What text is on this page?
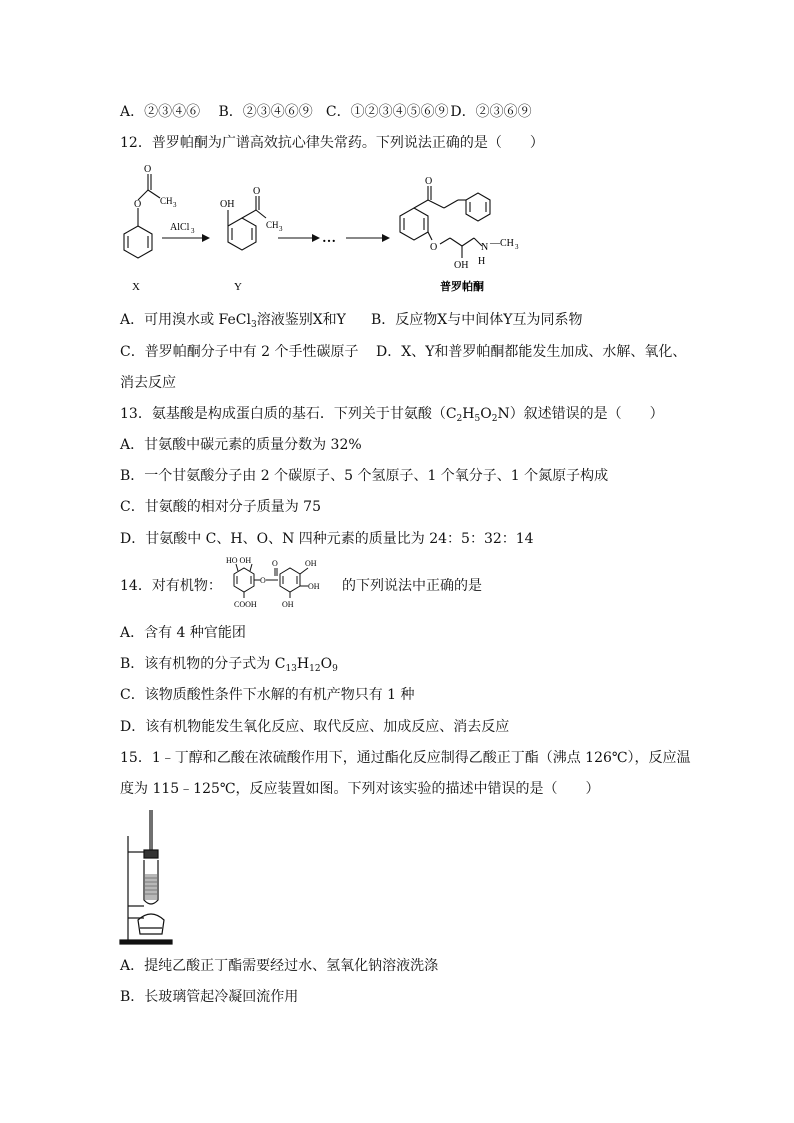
A．②③④⑥ B．②③④⑥⑨ C．①②③④⑤⑥⑨ D．②③⑥⑨
12．普罗帕酮为广谱高效抗心律失常药。下列说法正确的是（　　）
O
O
CH 3
X
AlCl 3
OH
O
CH 3
Y
…
O
O
OH
N —CH 3
H
普罗帕酮
A．可用溴水或 FeCl$_3$溶液鉴别X和Y B．反应物X与中间体Y互为同系物
C．普罗帕酮分子中有 2 个手性碳原子 D．X、Y和普罗帕酮都能发生加成、水解、氧化、
消去反应
13．氨基酸是构成蛋白质的基石．下列关于甘氨酸$(C_2H_5O_2N)$叙述错误的是（　　）
A．甘氨酸中碳元素的质量分数为 32%
B．一个甘氨酸分子由 2 个碳原子、5 个氢原子、1 个氧分子、1 个氮原子构成
C．甘氨酸的相对分子质量为 75
D．甘氨酸中 C、H、O、N 四种元素的质量比为 24：5：32：14
14．对有机物：
HO OH
COOH
O
O	OH
OH
OH
的下列说法中正确的是
A．含有 4 种官能团
B．该有机物的分子式为 $C_{13}H_{12}O_9$
C．该物质酸性条件下水解的有机产物只有 1 种
D．该有机物能发生氧化反应、取代反应、加成反应、消去反应
15．1﹣丁醇和乙酸在浓硫酸作用下，通过酯化反应制得乙酸正丁酯（沸点 126℃），反应温
度为 115﹣125℃，反应装置如图。下列对该实验的描述中错误的是（　　）
A．提纯乙酸正丁酯需要经过水、氢氧化钠溶液洗涤
B．长玻璃管起冷凝回流作用
